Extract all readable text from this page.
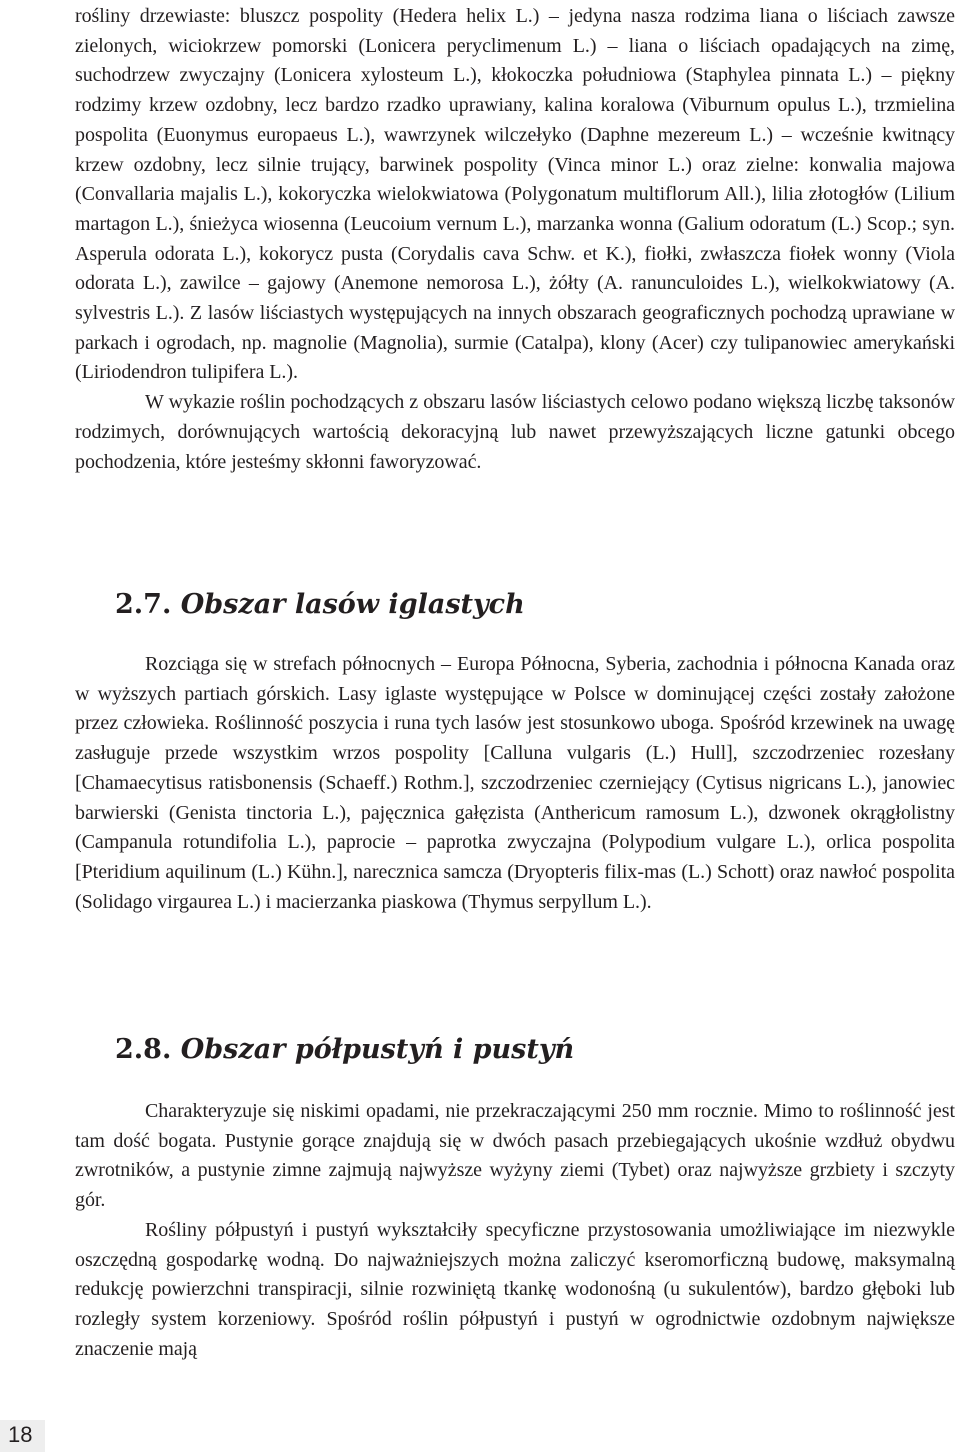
rośliny drzewiaste: bluszcz pospolity (Hedera helix L.) – jedyna nasza rodzima liana o liściach zawsze zielonych, wiciokrzew pomorski (Lonicera peryclimenum L.) – liana o liściach opadających na zimę, suchodrzew zwyczajny (Lonicera xylosteum L.), kłokoczka południowa (Staphylea pinnata L.) – piękny rodzimy krzew ozdobny, lecz bardzo rzadko uprawiany, kalina koralowa (Viburnum opulus L.), trzmielina pospolita (Euonymus europaeus L.), wawrzynek wilczełyko (Daphne mezereum L.) – wcześnie kwitnący krzew ozdobny, lecz silnie trujący, barwinek pospolity (Vinca minor L.) oraz zielne: konwalia majowa (Convallaria majalis L.), kokoryczka wielokwiatowa (Polygonatum multiflorum All.), lilia złotogłów (Lilium martagon L.), śnieżyca wiosenna (Leucoium vernum L.), marzanka wonna (Galium odoratum (L.) Scop.; syn. Asperula odorata L.), kokorycz pusta (Corydalis cava Schw. et K.), fiołki, zwłaszcza fiołek wonny (Viola odorata L.), zawilce – gajowy (Anemone nemorosa L.), żółty (A. ranunculoides L.), wielkokwiatowy (A. sylvestris L.). Z lasów liściastych występujących na innych obszarach geograficznych pochodzą uprawiane w parkach i ogrodach, np. magnolie (Magnolia), surmie (Catalpa), klony (Acer) czy tulipanowiec amerykański (Liriodendron tulipifera L.).

W wykazie roślin pochodzących z obszaru lasów liściastych celowo podano większą liczbę taksonów rodzimych, dorównujących wartością dekoracyjną lub nawet przewyższających liczne gatunki obcego pochodzenia, które jesteśmy skłonni faworyzować.

2.7. Obszar lasów iglastych

Rozciąga się w strefach północnych – Europa Północna, Syberia, zachodnia i północna Kanada oraz w wyższych partiach górskich. Lasy iglaste występujące w Polsce w dominującej części zostały założone przez człowieka. Roślinność poszycia i runa tych lasów jest stosunkowo uboga. Spośród krzewinek na uwagę zasługuje przede wszystkim wrzos pospolity [Calluna vulgaris (L.) Hull], szczodrzeniec rozesłany [Chamaecytisus ratisbonensis (Schaeff.) Rothm.], szczodrzeniec czerniejący (Cytisus nigricans L.), janowiec barwierski (Genista tinctoria L.), pajęcznica gałęzista (Anthericum ramosum L.), dzwonek okrągłolistny (Campanula rotundifolia L.), paprocie – paprotka zwyczajna (Polypodium vulgare L.), orlica pospolita [Pteridium aquilinum (L.) Kühn.], narecznica samcza (Dryopteris filix-mas (L.) Schott) oraz nawłoć pospolita (Solidago virgaurea L.) i macierzanka piaskowa (Thymus serpyllum L.).

2.8. Obszar półpustyń i pustyń

Charakteryzuje się niskimi opadami, nie przekraczającymi 250 mm rocznie. Mimo to roślinność jest tam dość bogata. Pustynie gorące znajdują się w dwóch pasach przebiegających ukośnie wzdłuż obydwu zwrotników, a pustynie zimne zajmują najwyższe wyżyny ziemi (Tybet) oraz najwyższe grzbiety i szczyty gór.

Rośliny półpustyń i pustyń wykształciły specyficzne przystosowania umożliwiające im niezwykle oszczędną gospodarkę wodną. Do najważniejszych można zaliczyć kseromorficzną budowę, maksymalną redukcję powierzchni transpiracji, silnie rozwiniętą tkankę wodonośną (u sukulentów), bardzo głęboki lub rozległy system korzeniowy. Spośród roślin półpustyń i pustyń w ogrodnictwie ozdobnym największe znaczenie mają

18
